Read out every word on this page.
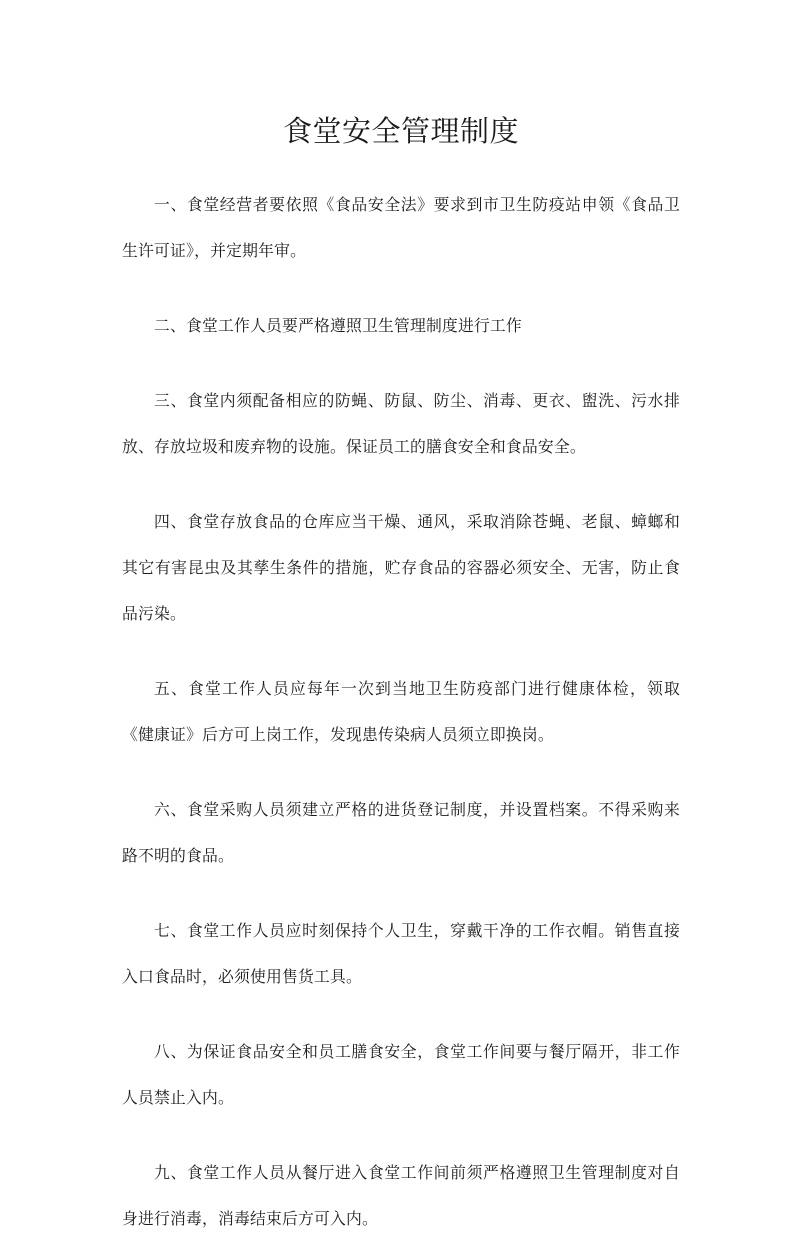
食堂安全管理制度

一、食堂经营者要依照《食品安全法》要求到市卫生防疫站申领《食品卫生许可证》，并定期年审。

二、食堂工作人员要严格遵照卫生管理制度进行工作

三、食堂内须配备相应的防蝇、防鼠、防尘、消毒、更衣、盥洗、污水排放、存放垃圾和废弃物的设施。保证员工的膳食安全和食品安全。

四、食堂存放食品的仓库应当干燥、通风，采取消除苍蝇、老鼠、蟑螂和其它有害昆虫及其孳生条件的措施，贮存食品的容器必须安全、无害，防止食品污染。

五、食堂工作人员应每年一次到当地卫生防疫部门进行健康体检，领取《健康证》后方可上岗工作，发现患传染病人员须立即换岗。

六、食堂采购人员须建立严格的进货登记制度，并设置档案。不得采购来路不明的食品。

七、食堂工作人员应时刻保持个人卫生，穿戴干净的工作衣帽。销售直接入口食品时，必须使用售货工具。

八、为保证食品安全和员工膳食安全，食堂工作间要与餐厅隔开，非工作人员禁止入内。

九、食堂工作人员从餐厅进入食堂工作间前须严格遵照卫生管理制度对自身进行消毒，消毒结束后方可入内。
